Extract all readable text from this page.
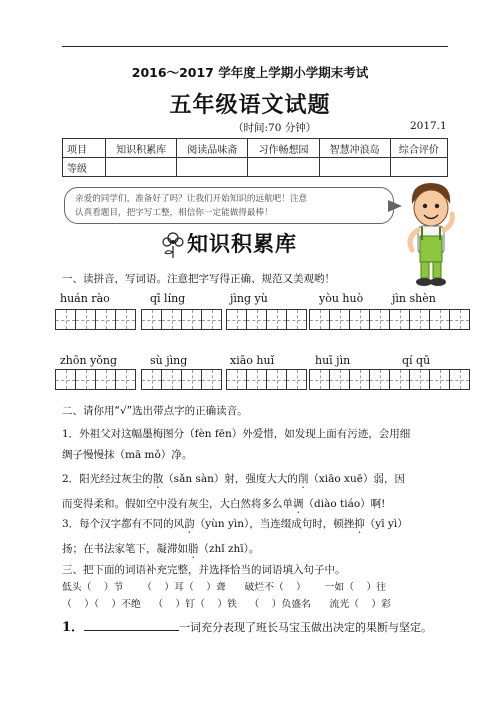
2016～2017 学年度上学期小学期末考试
五年级语文试题
（时间:70 分钟）	2017.1
项目	知识积累库	阅读品味斋	习作畅想园	智慧冲浪岛	综合评价
等级					
亲爱的同学们，准备好了吗？让我们开始知识的远航吧！注意
认真看题目，把字写工整，相信你一定能做得最棒！
知识积累库
一、读拼音，写词语。注意把字写得正确、规范又美观哟！
huán rào	qī líng	jìng yù	yòu huò	jìn shèn
zhōn yǒng	sù jìng	xiāo huǐ	huī jìn	qí qū
二、请你用“√”选出带点字的正确读音。
1．外祖父对这幅墨梅图分（fèn fēn）外爱惜，如发现上面有污迹，会用细
绸子慢慢抹（mā mǒ）净。
2．阳光经过灰尘的散（sǎn sàn）射，强度大大的削（xiāo xuē）弱，因
而变得柔和。假如空中没有灰尘，大白然将多么单调（diào tiáo）啊!
3．每个汉字都有不同的风韵（yùn yìn），当连缀成句时，顿挫抑（yī yì）
扬；在书法家笔下，凝滞如脂（zhǐ zhī）。
三、把下面的词语补充完整，并选择恰当的词语填入句子中。
低头（    ）节      （    ）耳（    ）聋      破烂不（    ）      一如（    ）往
（    ）（    ）不绝    （    ）钉（    ）铁    （    ）负盛名      流光（    ）彩
1．	一词充分表现了班长马宝玉做出决定的果断与坚定。
